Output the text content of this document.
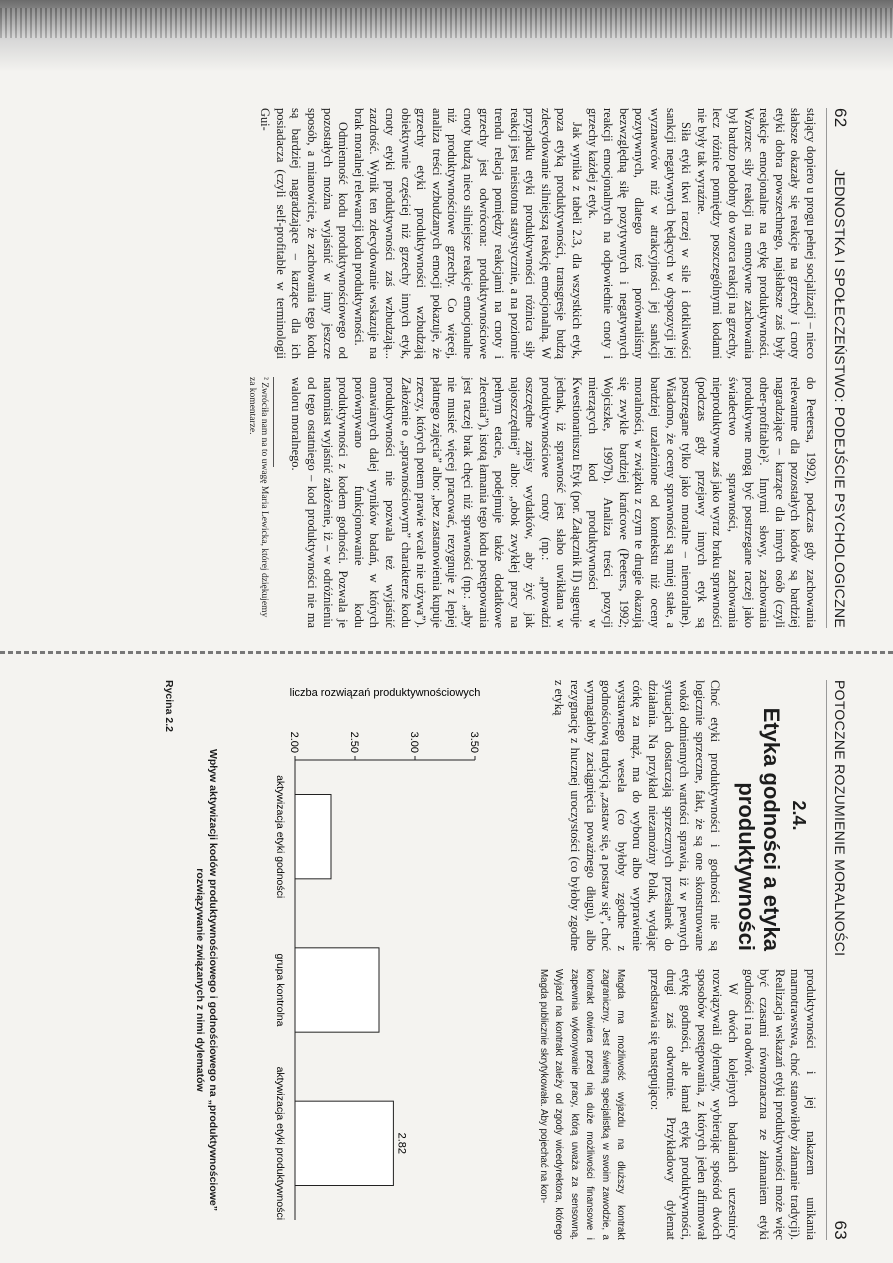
62
JEDNOSTKA I SPOŁECZEŃSTWO: PODEJŚCIE PSYCHOLOGICZNE

stający dopiero u progu pełnej socjalizacji – nieco słabsze okazały się reakcje na grzechy i cnoty etyki dobra powszechnego, najsłabsze zaś były reakcje emocjonalne na etykę produktywności. Wzorzec siły reakcji na emotywne zachowania był bardzo podobny do wzorca reakcji na grzechy, lecz różnice pomiędzy poszczególnymi kodami nie były tak wyraźne.

Siła etyki tkwi raczej w sile i dotkliwości sankcji negatywnych będących w dyspozycji jej wyznawców niż w atrakcyjności jej sankcji pozytywnych, dlatego też porównaliśmy bezwzględną siłę pozytywnych i negatywnych reakcji emocjonalnych na odpowiednie cnoty i grzechy każdej z etyk.

Jak wynika z tabeli 2.3, dla wszystkich etyk, poza etyką produktywności, transgresje budzą zdecydowanie silniejszą reakcję emocjonalną. W przypadku etyki produktywności różnica siły reakcji jest nieistotna statystycznie, a na poziomie trendu relacja pomiędzy reakcjami na cnoty i grzechy jest odwrócona: produktywnościowe cnoty budzą nieco silniejsze reakcje emocjonalne niż produktywnościowe grzechy. Co więcej, analiza treści wzbudzanych emocji pokazuje, że grzechy etyki produktywności wzbudzają obiektywnie częściej niż grzechy innych etyk, cnoty etyki produktywności zaś wzbudzają... zazdrość. Wynik ten zdecydowanie wskazuje na brak moralnej relewancji kodu produktywności.

Odmienność kodu produktywnościowego od pozostałych można wyjaśnić w inny jeszcze sposób, a mianowicie, że zachowania tego kodu są bardziej nagradzające – karzące dla ich posiadacza (czyli self-profitable w terminologii Gui-

do Peetersa, 1992), podczas gdy zachowania relewantne dla pozostałych kodów są bardziej nagradzające – karzące dla innych osób (czyli other-profitable)². Innymi słowy, zachowania produktywne mogą być postrzegane raczej jako świadectwo sprawności, zachowania nieproduktywne zaś jako wyraz braku sprawności (podczas gdy przejawy innych etyk są postrzegane tylko jako moralne – niemoralne). Wiadomo, że oceny sprawności są mniej stałe, a bardziej uzależnione od kontekstu niż oceny moralności, w związku z czym te drugie okazują się zwykle bardziej krańcowe (Peeters, 1992; Wojciszke, 1997b). Analiza treści pozycji mierzących kod produktywności w Kwestionariuszu Etyk (por. Załącznik II) sugeruje jednak, iż sprawność jest słabo uwikłana w produktywnościowe cnoty (np.: „prowadzi oszczędne zapisy wydatków, aby żyć jak najoszczędniej” albo: „obok zwykłej pracy na pełnym etacie, podejmuje także dodatkowe zlecenia”), istotą łamania tego kodu postępowania jest raczej brak chęci niż sprawności (np.: „aby nie musieć więcej pracować, rezygnuje z lepiej płatnego zajęcia” albo: „bez zastanowienia kupuje rzeczy, których potem prawie wcale nie używa”). Założenie o „sprawnościowym” charakterze kodu produktywności nie pozwala też wyjaśnić omawianych dalej wyników badań, w których porównywano funkcjonowanie kodu produktywności z kodem godności. Pozwala je natomiast wyjaśnić założenie, iż – w odróżnieniu od tego ostatniego – kod produktywności nie ma waloru moralnego.

² Zwróciła nam na to uwagę Maria Lewicka, której dziękujemy za komentarze.
POTOCZNE ROZUMIENIE MORALNOŚCI
63
2.4.
Etyka godności a etyka produktywności

Choć etyki produktywności i godności nie są logicznie sprzeczne, fakt, że są one skonstruowane wokół odmiennych wartości sprawia, iż w pewnych sytuacjach dostarczają sprzecznych przesłanek do działania. Na przykład niezamożny Polak, wydając córkę za mąż, ma do wyboru albo wyprawienie wystawnego wesela (co byłoby zgodne z godnościową tradycją „zastaw się, a postaw się”, choć wymagałoby zaciągnięcia poważnego długu), albo rezygnację z hucznej uroczystości (co byłoby zgodne z etyką

produktywności i jej nakazem unikania marnotrawstwa, choć stanowiłoby złamanie tradycji). Realizacja wskazań etyki produktywności może więc być czasami równoznaczna ze złamaniem etyki godności i na odwrót.

W dwóch kolejnych badaniach uczestnicy rozwiązywali dylematy, wybierając spośród dwóch sposobów postępowania, z których jeden afirmował etykę godności, ale łamał etykę produktywności, drugi zaś odwrotnie. Przykładowy dylemat przedstawia się następująco:

Magda ma możliwość wyjazdu na dłuższy kontrakt zagraniczny. Jest świetną specjalistką w swoim zawodzie, a kontrakt otwiera przed nią duże możliwości finansowe i zapewnia wykonywanie pracy, którą uważa za sensowną. Wyjazd na kontrakt zależy od zgody wicedyrektora, którego Magda publicznie skrytykowała. Aby pojechać na kon-
2.00	2.50	3.00	3.50
liczba rozwiązań produktywnościowych
aktywizacja etyki godności
grupa kontrolna
aktywizacja etyki produktywności	2.82
Wpływ aktywizacji kodów produktywnościowego i godnościowego na „produktywnościowe” rozwiązywanie związanych z nimi dylematów
Rycina 2.2
